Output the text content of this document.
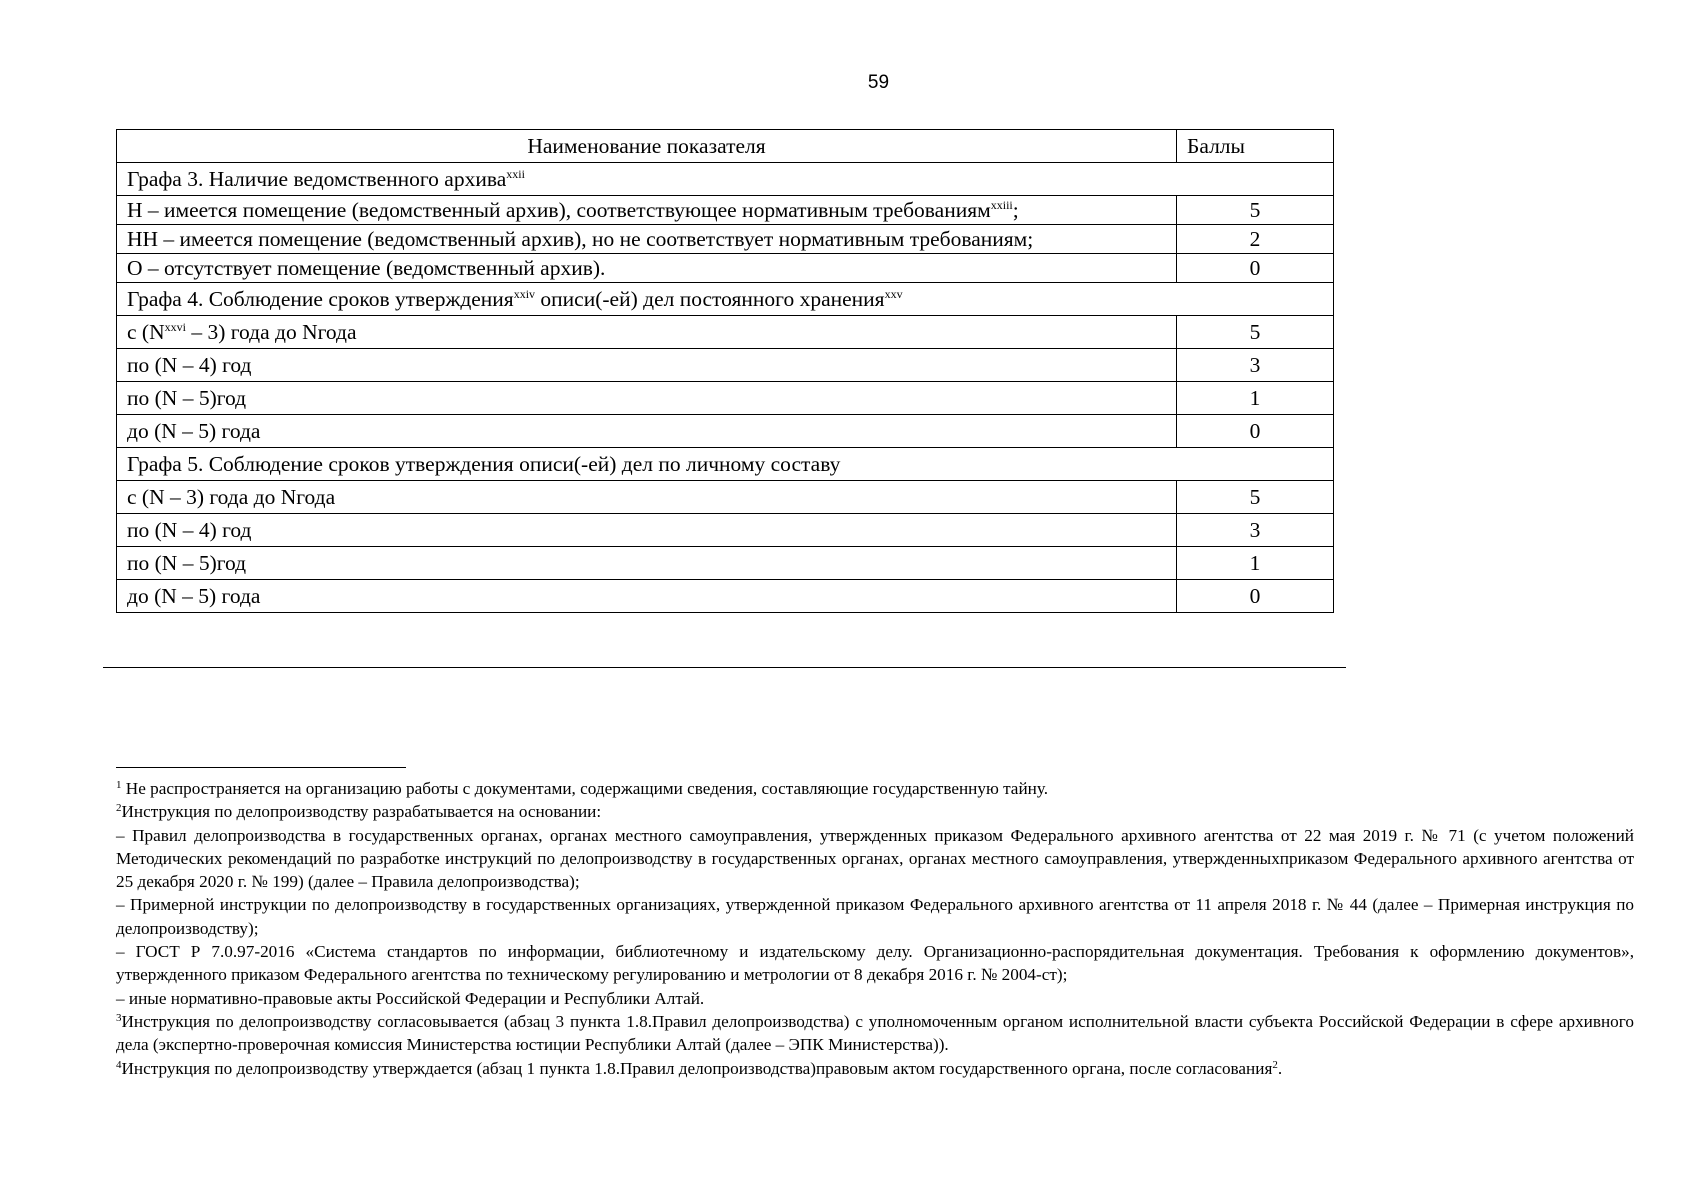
59
Наименование показателя	Баллы
Графа 3. Наличие ведомственного архива$^{xxii}$
Н – имеется помещение (ведомственный архив), соответствующее нормативным требованиям$^{xxiii}$;	5
НН – имеется помещение (ведомственный архив), но не соответствует нормативным требованиям;	2
О – отсутствует помещение (ведомственный архив).	0
Графа 4. Соблюдение сроков утверждения$^{xxiv}$ описи(-ей) дел постоянного хранения$^{xxv}$
с $(N^{xxvi} - 3)$ года до Nгода	5
по (N – 4) год	3
по (N – 5)год	1
до (N – 5) года	0
Графа 5. Соблюдение сроков утверждения описи(-ей) дел по личному составу	
с (N – 3) года до Nгода	5
по (N – 4) год	3
по (N – 5)год	1
до (N – 5) года	0

$^1$ Не распространяется на организацию работы с документами, содержащими сведения, составляющие государственную тайну.

$^2$Инструкция по делопроизводству разрабатывается на основании:

– Правил делопроизводства в государственных органах, органах местного самоуправления, утвержденных приказом Федерального архивного агентства от 22 мая 2019 г. № 71 (с учетом положений Методических рекомендаций по разработке инструкций по делопроизводству в государственных органах, органах местного самоуправления, утвержденныхприказом Федерального архивного агентства от 25 декабря 2020 г. № 199) (далее – Правила делопроизводства);

– Примерной инструкции по делопроизводству в государственных организациях, утвержденной приказом Федерального архивного агентства от 11 апреля 2018 г. № 44 (далее – Примерная инструкция по делопроизводству);

– ГОСТ Р 7.0.97-2016 «Система стандартов по информации, библиотечному и издательскому делу. Организационно-распорядительная документация. Требования к оформлению документов», утвержденного приказом Федерального агентства по техническому регулированию и метрологии от 8 декабря 2016 г. № 2004-ст);

– иные нормативно-правовые акты Российской Федерации и Республики Алтай.

$^3$Инструкция по делопроизводству согласовывается (абзац 3 пункта 1.8.Правил делопроизводства) с уполномоченным органом исполнительной власти субъекта Российской Федерации в сфере архивного дела (экспертно-проверочная комиссия Министерства юстиции Республики Алтай (далее – ЭПК Министерства)).

$^4$Инструкция по делопроизводству утверждается (абзац 1 пункта 1.8.Правил делопроизводства)правовым актом государственного органа, после согласования$^2$.
